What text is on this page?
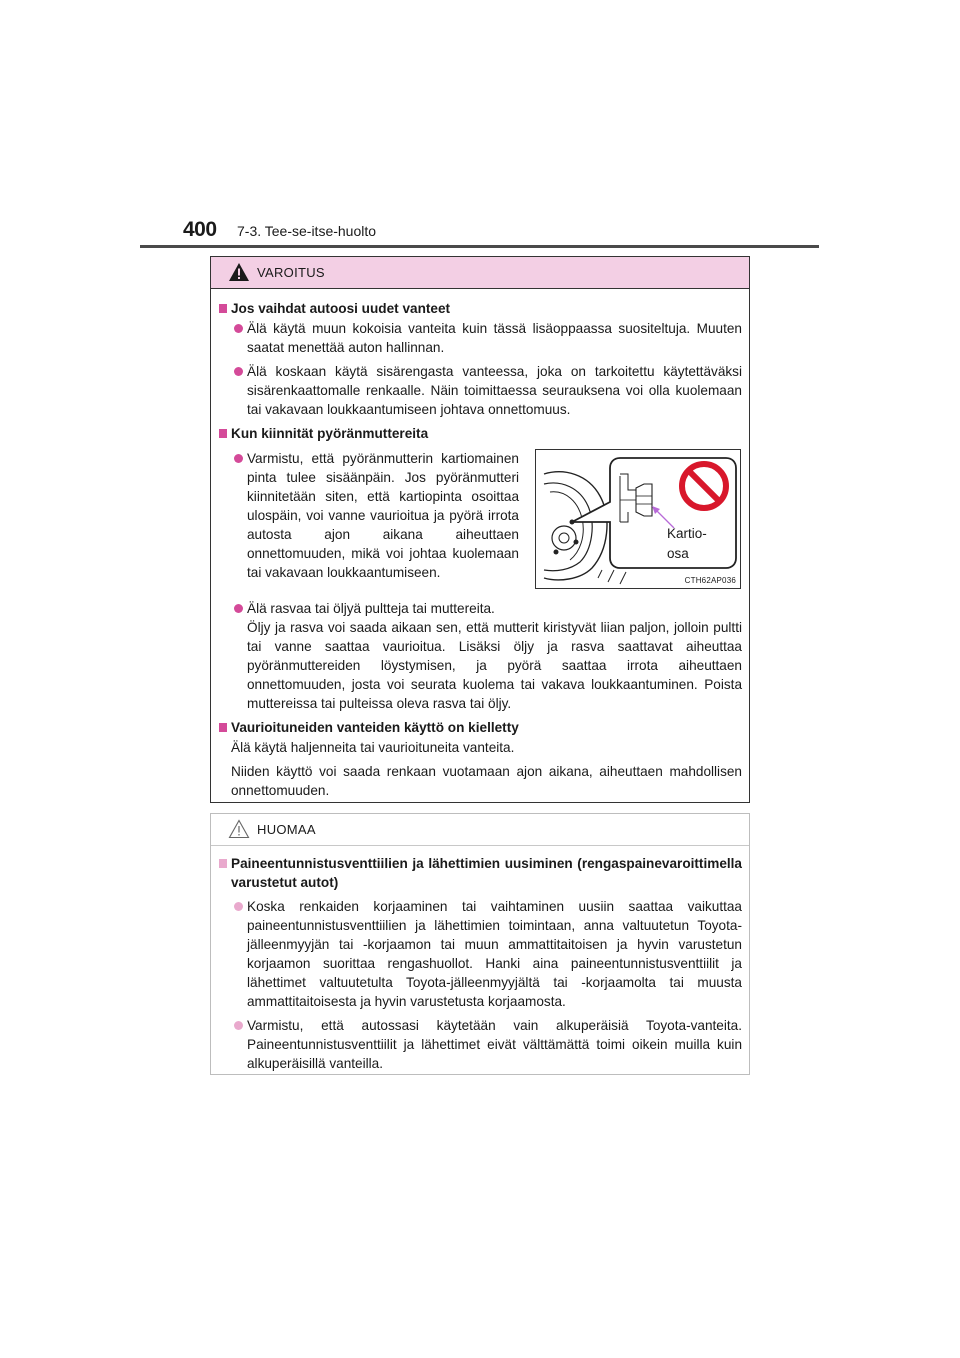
400 7-3. Tee-se-itse-huolto
VAROITUS
Jos vaihdat autoosi uudet vanteet
Älä käytä muun kokoisia vanteita kuin tässä lisäoppaassa suositeltuja. Muuten saatat menettää auton hallinnan.
Älä koskaan käytä sisärengasta vanteessa, joka on tarkoitettu käytettäväksi sisärenkaattomalle renkaalle. Näin toimittaessa seurauksena voi olla kuolemaan tai vakavaan loukkaantumiseen johtava onnettomuus.
Kun kiinnität pyöränmuttereita
Varmistu, että pyöränmutterin kartiomainen pinta tulee sisäänpäin. Jos pyöränmutteri kiinnitetään siten, että kartiopinta osoittaa ulospäin, voi vanne vaurioitua ja pyörä irrota autosta ajon aikana aiheuttaen onnettomuuden, mikä voi johtaa kuolemaan tai vakavaan loukkaantumiseen.
Kartio-
osa
CTH62AP036
Älä rasvaa tai öljyä pultteja tai muttereita.
Öljy ja rasva voi saada aikaan sen, että mutterit kiristyvät liian paljon, jolloin pultti tai vanne saattaa vaurioitua. Lisäksi öljy ja rasva saattavat aiheuttaa pyöränmuttereiden löystymisen, ja pyörä saattaa irrota aiheuttaen onnettomuuden, josta voi seurata kuolema tai vakava loukkaantuminen. Poista muttereissa tai pulteissa oleva rasva tai öljy.
Vaurioituneiden vanteiden käyttö on kielletty
Älä käytä haljenneita tai vaurioituneita vanteita.
Niiden käyttö voi saada renkaan vuotamaan ajon aikana, aiheuttaen mahdollisen onnettomuuden.
HUOMAA
Paineentunnistusventtiilien ja lähettimien uusiminen (rengaspainevaroittimella varustetut autot)
Koska renkaiden korjaaminen tai vaihtaminen uusiin saattaa vaikuttaa paineentunnistusventtiilien ja lähettimien toimintaan, anna valtuutetun Toyota-jälleenmyyjän tai -korjaamon tai muun ammattitaitoisen ja hyvin varustetun korjaamon suorittaa rengashuollot. Hanki aina paineentunnistusventtiilit ja lähettimet valtuutetulta Toyota-jälleenmyyjältä tai -korjaamolta tai muusta ammattitaitoisesta ja hyvin varustetusta korjaamosta.
Varmistu, että autossasi käytetään vain alkuperäisiä Toyota-vanteita. Paineentunnistusventtiilit ja lähettimet eivät välttämättä toimi oikein muilla kuin alkuperäisillä vanteilla.
